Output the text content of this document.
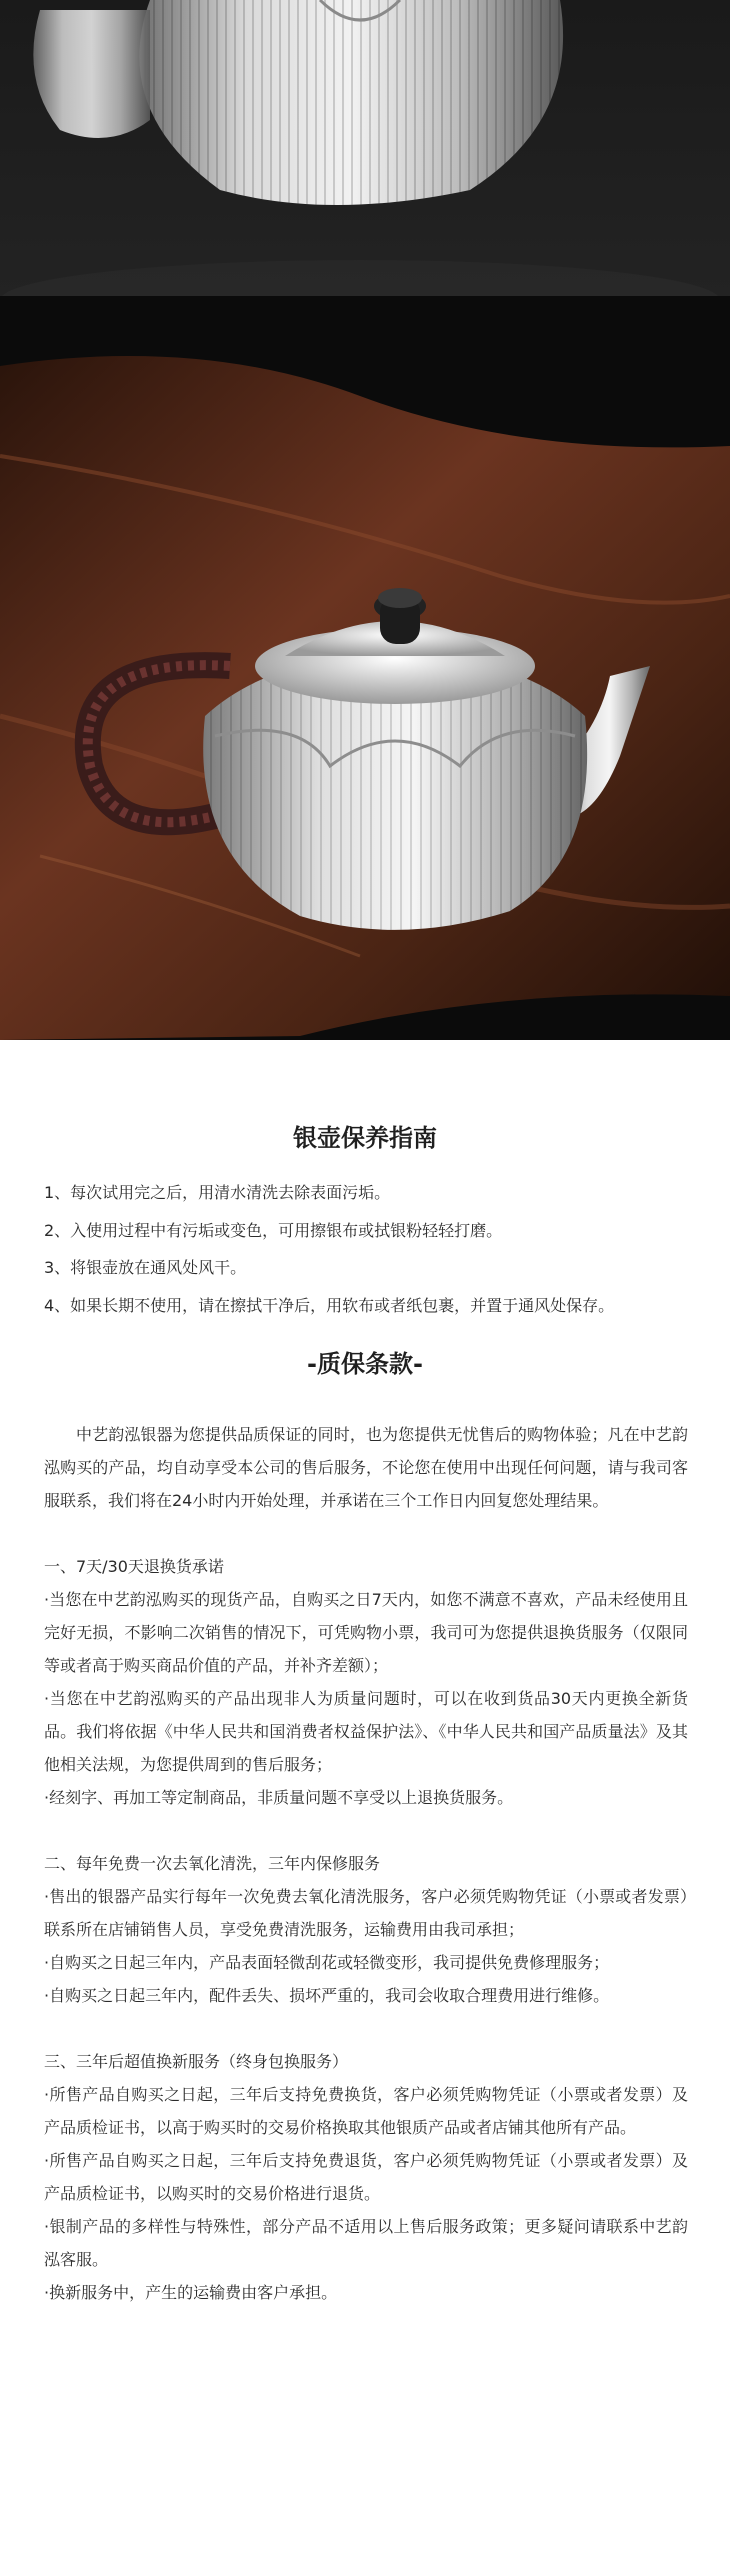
银壶保养指南
1、每次试用完之后，用清水清洗去除表面污垢。
2、入使用过程中有污垢或变色，可用擦银布或拭银粉轻轻打磨。
3、将银壶放在通风处风干。
4、如果长期不使用，请在擦拭干净后，用软布或者纸包裹，并置于通风处保存。
-质保条款-

中艺韵泓银器为您提供品质保证的同时，也为您提供无忧售后的购物体验；凡在中艺韵泓购买的产品，均自动享受本公司的售后服务，不论您在使用中出现任何问题，请与我司客服联系，我们将在24小时内开始处理，并承诺在三个工作日内回复您处理结果。

一、7天/30天退换货承诺

·当您在中艺韵泓购买的现货产品，自购买之日7天内，如您不满意不喜欢，产品未经使用且完好无损，不影响二次销售的情况下，可凭购物小票，我司可为您提供退换货服务（仅限同等或者高于购买商品价值的产品，并补齐差额）；

·当您在中艺韵泓购买的产品出现非人为质量问题时，可以在收到货品30天内更换全新货品。我们将依据《中华人民共和国消费者权益保护法》、《中华人民共和国产品质量法》及其他相关法规，为您提供周到的售后服务；

·经刻字、再加工等定制商品，非质量问题不享受以上退换货服务。

二、每年免费一次去氧化清洗，三年内保修服务

·售出的银器产品实行每年一次免费去氧化清洗服务，客户必须凭购物凭证（小票或者发票）联系所在店铺销售人员，享受免费清洗服务，运输费用由我司承担；

·自购买之日起三年内，产品表面轻微刮花或轻微变形，我司提供免费修理服务；

·自购买之日起三年内，配件丢失、损坏严重的，我司会收取合理费用进行维修。

三、三年后超值换新服务（终身包换服务）

·所售产品自购买之日起，三年后支持免费换货，客户必须凭购物凭证（小票或者发票）及产品质检证书，以高于购买时的交易价格换取其他银质产品或者店铺其他所有产品。

·所售产品自购买之日起，三年后支持免费退货，客户必须凭购物凭证（小票或者发票）及产品质检证书，以购买时的交易价格进行退货。

·银制产品的多样性与特殊性，部分产品不适用以上售后服务政策；更多疑问请联系中艺韵泓客服。

·换新服务中，产生的运输费由客户承担。
